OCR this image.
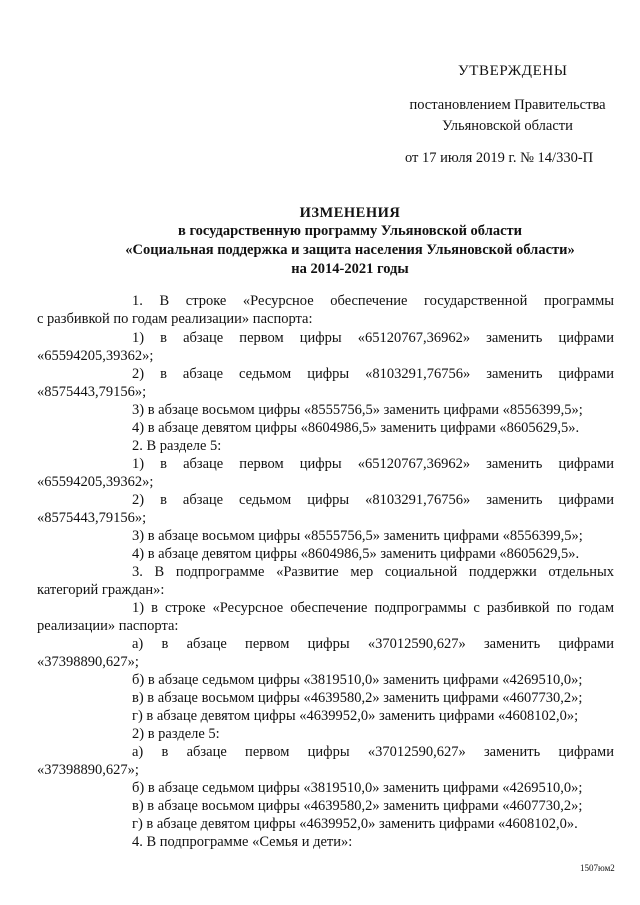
УТВЕРЖДЕНЫ
постановлением Правительства
Ульяновской области
от 17 июля 2019 г. № 14/330-П
ИЗМЕНЕНИЯ
в государственную программу Ульяновской области
«Социальная поддержка и защита населения Ульяновской области»
на 2014-2021 годы
1. В строке «Ресурсное обеспечение государственной программы
с разбивкой по годам реализации» паспорта:
1) в абзаце первом цифры «65120767,36962» заменить цифрами
«65594205,39362»;
2) в абзаце седьмом цифры «8103291,76756» заменить цифрами
«8575443,79156»;
3) в абзаце восьмом цифры «8555756,5» заменить цифрами «8556399,5»;
4) в абзаце девятом цифры «8604986,5» заменить цифрами «8605629,5».
2. В разделе 5:
1) в абзаце первом цифры «65120767,36962» заменить цифрами
«65594205,39362»;
2) в абзаце седьмом цифры «8103291,76756» заменить цифрами
«8575443,79156»;
3) в абзаце восьмом цифры «8555756,5» заменить цифрами «8556399,5»;
4) в абзаце девятом цифры «8604986,5» заменить цифрами «8605629,5».
3. В подпрограмме «Развитие мер социальной поддержки отдельных
категорий граждан»:
1) в строке «Ресурсное обеспечение подпрограммы с разбивкой по годам
реализации» паспорта:
а) в абзаце первом цифры «37012590,627» заменить цифрами
«37398890,627»;
б) в абзаце седьмом цифры «3819510,0» заменить цифрами «4269510,0»;
в) в абзаце восьмом цифры «4639580,2» заменить цифрами «4607730,2»;
г) в абзаце девятом цифры «4639952,0» заменить цифрами «4608102,0»;
2) в разделе 5:
а) в абзаце первом цифры «37012590,627» заменить цифрами
«37398890,627»;
б) в абзаце седьмом цифры «3819510,0» заменить цифрами «4269510,0»;
в) в абзаце восьмом цифры «4639580,2» заменить цифрами «4607730,2»;
г) в абзаце девятом цифры «4639952,0» заменить цифрами «4608102,0».
4. В подпрограмме «Семья и дети»:
1507юм2
